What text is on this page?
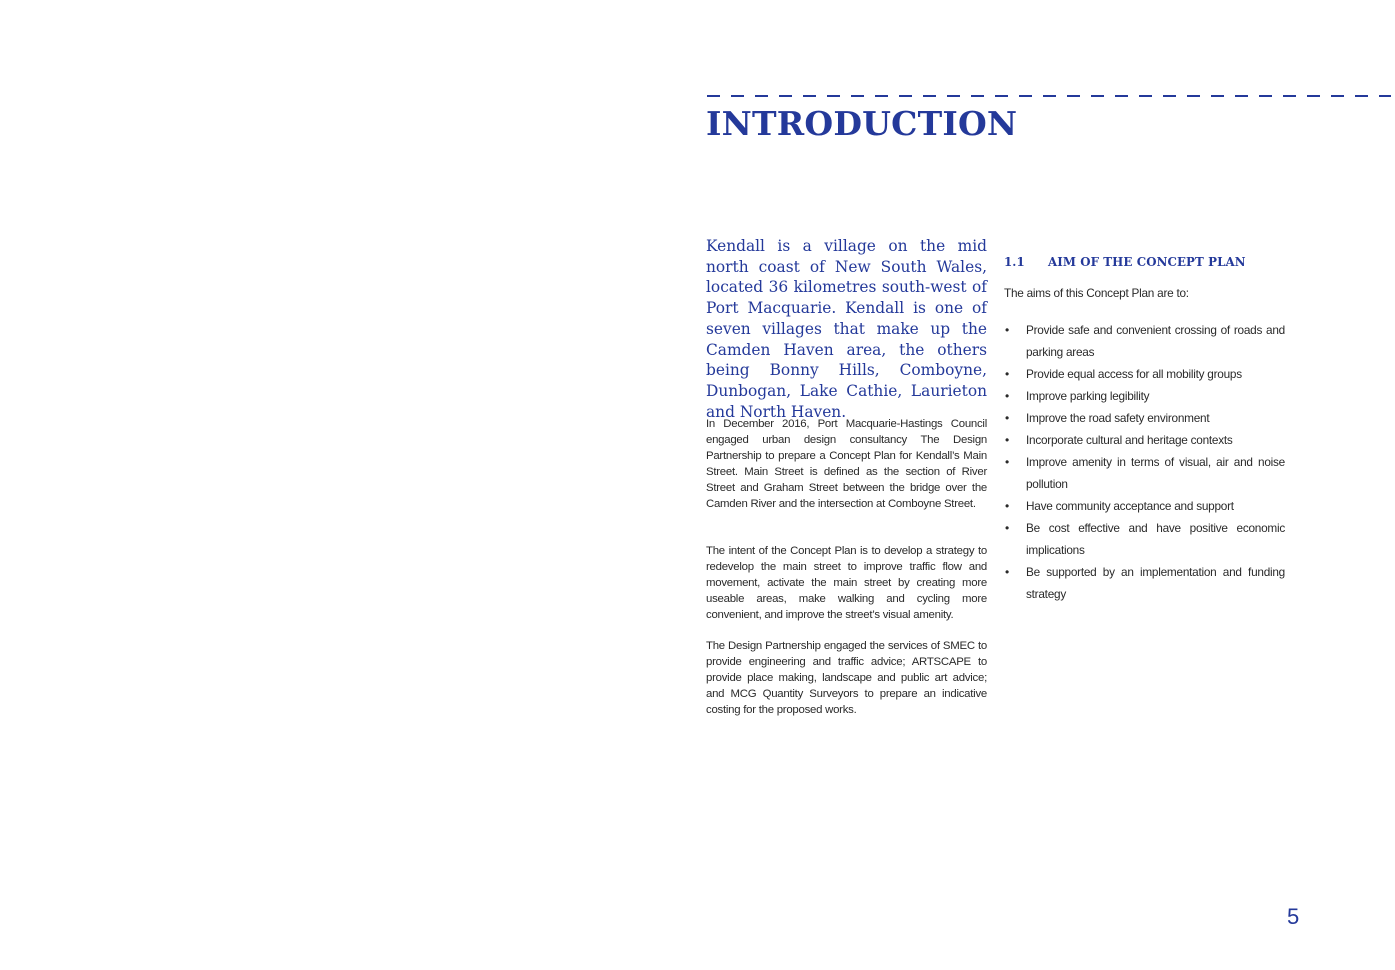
INTRODUCTION

Kendall is a village on the mid north coast of New South Wales, located 36 kilometres south-west of Port Macquarie. Kendall is one of seven villages that make up the Camden Haven area, the others being Bonny Hills, Comboyne, Dunbogan, Lake Cathie, Laurieton and North Haven.

In December 2016, Port Macquarie-Hastings Council engaged urban design consultancy The Design Partnership to prepare a Concept Plan for Kendall’s Main Street. Main Street is defined as the section of River Street and Graham Street between the bridge over the Camden River and the intersection at Comboyne Street.

The intent of the Concept Plan is to develop a strategy to redevelop the main street to improve traffic flow and movement, activate the main street by creating more useable areas, make walking and cycling more convenient, and improve the street’s visual amenity.

The Design Partnership engaged the services of SMEC to provide engineering and traffic advice; ARTSCAPE to provide place making, landscape and public art advice; and MCG Quantity Surveyors to prepare an indicative costing for the proposed works.

1.1 AIM OF THE CONCEPT PLAN

The aims of this Concept Plan are to:

• Provide safe and convenient crossing of roads and parking areas
• Provide equal access for all mobility groups
• Improve parking legibility
• Improve the road safety environment
• Incorporate cultural and heritage contexts
• Improve amenity in terms of visual, air and noise pollution
• Have community acceptance and support
• Be cost effective and have positive economic implications
• Be supported by an implementation and funding strategy
5
